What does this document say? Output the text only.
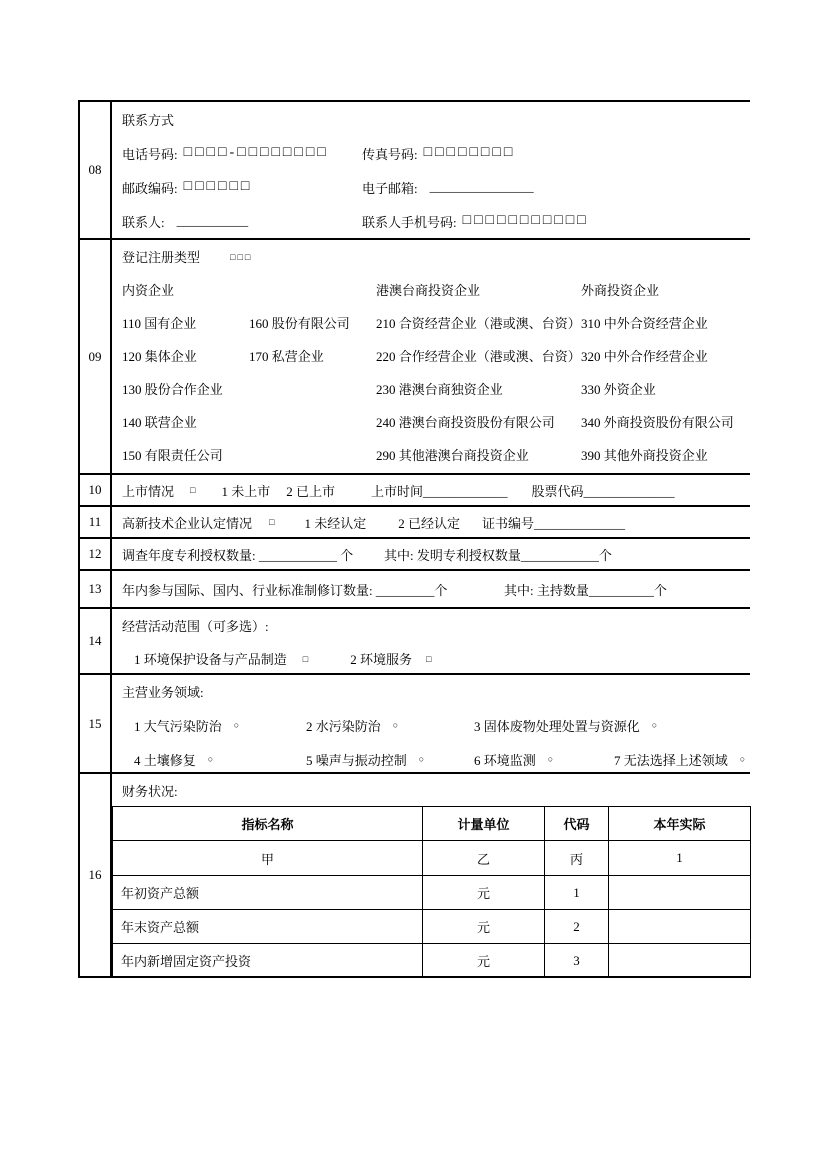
08
联系方式
电话号码: □□□□-□□□□□□□□	传真号码: □□□□□□□□
邮政编码: □□□□□□	电子邮箱: ________________
联系人: ___________	联系人手机号码: □□□□□□□□□□□
09
登记注册类型	□□□
内资企业	港澳台商投资企业	外商投资企业
110 国有企业	160 股份有限公司	210 合资经营企业（港或澳、台资） 310 中外合资经营企业
120 集体企业	170 私营企业	220 合作经营企业（港或澳、台资） 320 中外合作经营企业
130 股份合作企业	230 港澳台商独资企业	330 外资企业
140 联营企业	240 港澳台商投资股份有限公司	340 外商投资股份有限公司
150 有限责任公司	290 其他港澳台商投资企业	390 其他外商投资企业
10	上市情况 □ 1 未上市 2 已上市	上市时间_____________ 股票代码______________
11	高新技术企业认定情况 □ 1 未经认定 2 已经认定 证书编号______________
12	调查年度专利授权数量: ____________ 个 其中: 发明专利授权数量____________个
13	年内参与国际、国内、行业标准制修订数量: _________个	其中: 主持数量__________个
14
经营活动范围（可多选）:
1 环境保护设备与产品制造 □	2 环境服务 □
15
主营业务领域:
1 大气污染防治 ○	2 水污染防治 ○	3 固体废物处理处置与资源化 ○
4 土壤修复 ○	5 噪声与振动控制 ○	6 环境监测 ○	7 无法选择上述领域 ○
16
财务状况:
指标名称	计量单位	代码	本年实际
甲	乙	丙	1
年初资产总额	元	1	
年末资产总额	元	2	
年内新增固定资产投资	元	3	
